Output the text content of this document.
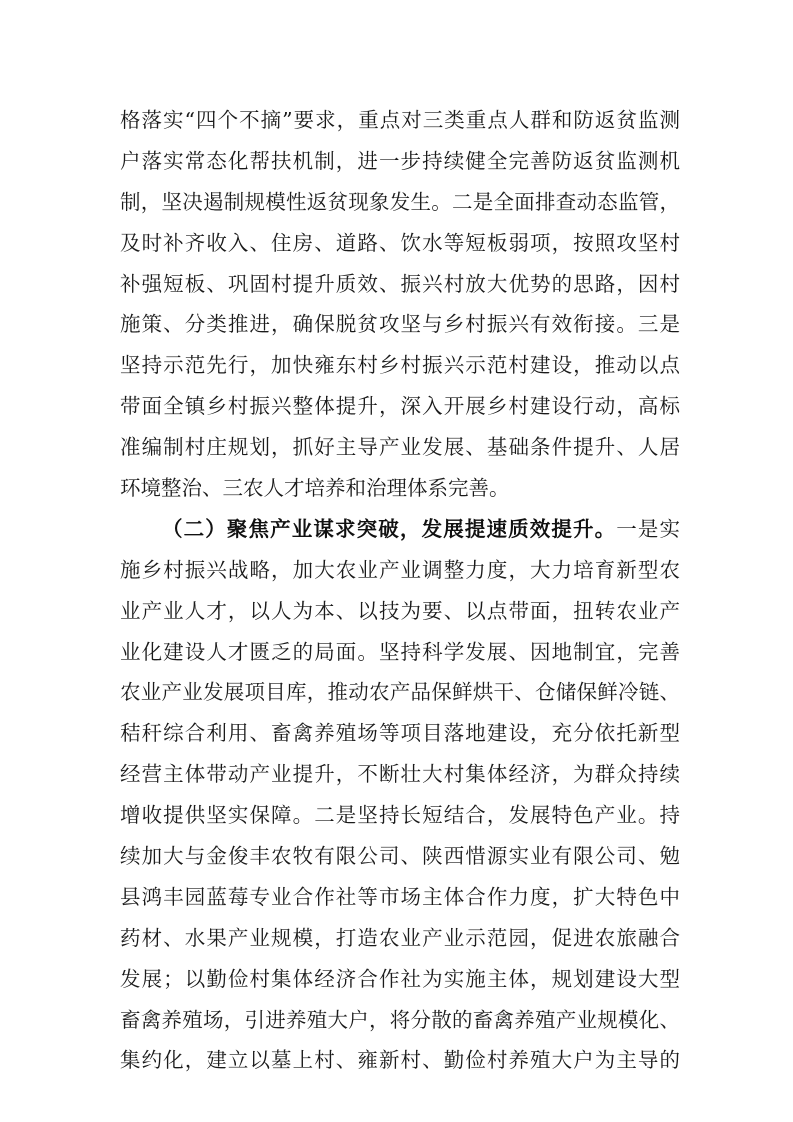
格落实“四个不摘”要求，重点对三类重点人群和防返贫监测
户落实常态化帮扶机制，进一步持续健全完善防返贫监测机
制，坚决遏制规模性返贫现象发生。二是全面排查动态监管，
及时补齐收入、住房、道路、饮水等短板弱项，按照攻坚村
补强短板、巩固村提升质效、振兴村放大优势的思路，因村
施策、分类推进，确保脱贫攻坚与乡村振兴有效衔接。三是
坚持示范先行，加快雍东村乡村振兴示范村建设，推动以点
带面全镇乡村振兴整体提升，深入开展乡村建设行动，高标
准编制村庄规划，抓好主导产业发展、基础条件提升、人居
环境整治、三农人才培养和治理体系完善。
（二）聚焦产业谋求突破，发展提速质效提升。一是实
施乡村振兴战略，加大农业产业调整力度，大力培育新型农
业产业人才，以人为本、以技为要、以点带面，扭转农业产
业化建设人才匮乏的局面。坚持科学发展、因地制宜，完善
农业产业发展项目库，推动农产品保鲜烘干、仓储保鲜冷链、
秸秆综合利用、畜禽养殖场等项目落地建设，充分依托新型
经营主体带动产业提升，不断壮大村集体经济，为群众持续
增收提供坚实保障。二是坚持长短结合，发展特色产业。持
续加大与金俊丰农牧有限公司、陕西惜源实业有限公司、勉
县鸿丰园蓝莓专业合作社等市场主体合作力度，扩大特色中
药材、水果产业规模，打造农业产业示范园，促进农旅融合
发展；以勤俭村集体经济合作社为实施主体，规划建设大型
畜禽养殖场，引进养殖大户，将分散的畜禽养殖产业规模化、
集约化，建立以墓上村、雍新村、勤俭村养殖大户为主导的
